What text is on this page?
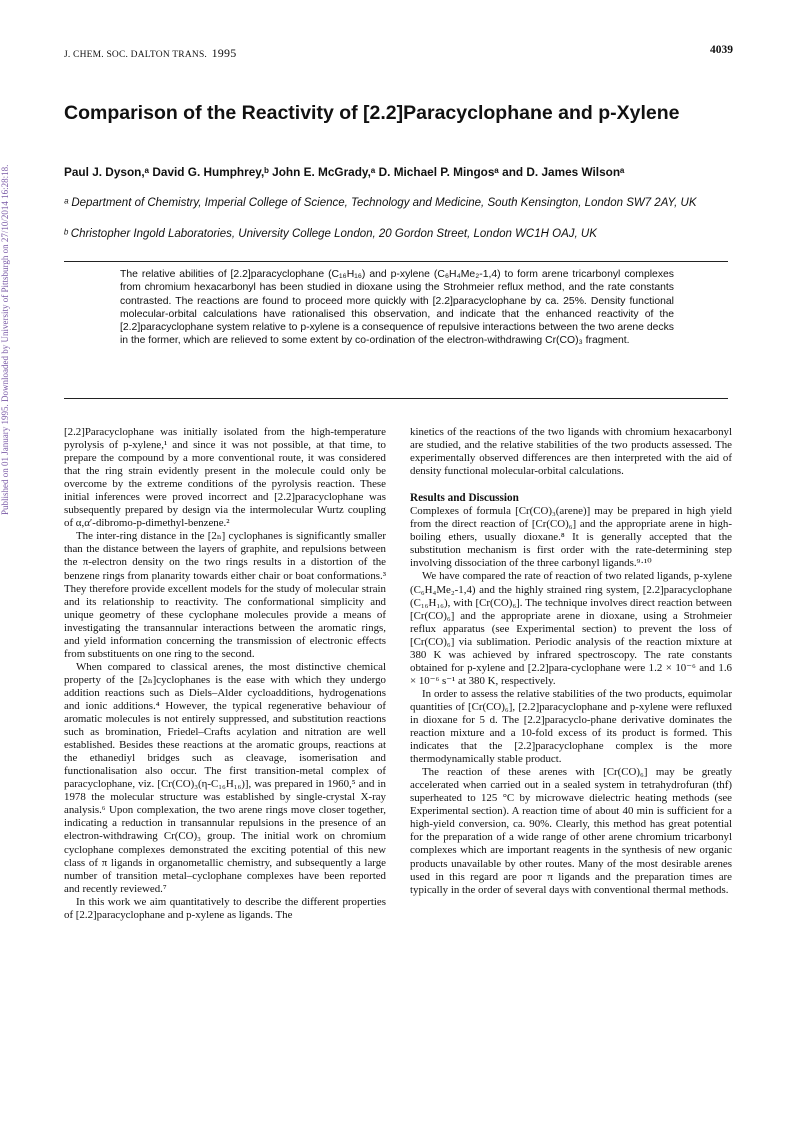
Published on 01 January 1995. Downloaded by University of Pittsburgh on 27/10/2014 16:28:18.
J. CHEM. SOC. DALTON TRANS. 1995	4039
Comparison of the Reactivity of [2.2]Paracyclophane and p-Xylene
Paul J. Dyson,ᵃ David G. Humphrey,ᵇ John E. McGrady,ᵃ D. Michael P. Mingosᵃ and D. James Wilsonᵃ
ᵃ Department of Chemistry, Imperial College of Science, Technology and Medicine, South Kensington, London SW7 2AY, UK
ᵇ Christopher Ingold Laboratories, University College London, 20 Gordon Street, London WC1H OAJ, UK

The relative abilities of [2.2]paracyclophane (C₁₆H₁₆) and p-xylene (C₆H₄Me₂-1,4) to form arene tricarbonyl complexes from chromium hexacarbonyl has been studied in dioxane using the Strohmeier reflux method, and the rate constants contrasted. The reactions are found to proceed more quickly with [2.2]paracyclophane by ca. 25%. Density functional molecular-orbital calculations have rationalised this observation, and indicate that the enhanced reactivity of the [2.2]paracyclophane system relative to p-xylene is a consequence of repulsive interactions between the two arene decks in the former, which are relieved to some extent by co-ordination of the electron-withdrawing Cr(CO)₃ fragment.

[2.2]Paracyclophane was initially isolated from the high-temperature pyrolysis of p-xylene,¹ and since it was not possible, at that time, to prepare the compound by a more conventional route, it was considered that the ring strain evidently present in the molecule could only be overcome by the extreme conditions of the pyrolysis reaction. These initial inferences were proved incorrect and [2.2]paracyclophane was subsequently prepared by design via the intermolecular Wurtz coupling of α,α′-dibromo-p-dimethyl-benzene.²

The inter-ring distance in the [2ₙ] cyclophanes is significantly smaller than the distance between the layers of graphite, and repulsions between the π-electron density on the two rings results in a distortion of the benzene rings from planarity towards either chair or boat conformations.³ They therefore provide excellent models for the study of molecular strain and its relationship to reactivity. The conformational simplicity and unique geometry of these cyclophane molecules provide a means of investigating the transannular interactions between the aromatic rings, and yield information concerning the transmission of electronic effects from substituents on one ring to the second.

When compared to classical arenes, the most distinctive chemical property of the [2ₙ]cyclophanes is the ease with which they undergo addition reactions such as Diels–Alder cycloadditions, hydrogenations and ionic additions.⁴ However, the typical regenerative behaviour of aromatic molecules is not entirely suppressed, and substitution reactions such as bromination, Friedel–Crafts acylation and nitration are well established. Besides these reactions at the aromatic groups, reactions at the ethanediyl bridges such as cleavage, isomerisation and functionalisation also occur. The first transition-metal complex of paracyclophane, viz. [Cr(CO)₃(η-C₁₆H₁₆)], was prepared in 1960,⁵ and in 1978 the molecular structure was established by single-crystal X-ray analysis.⁶ Upon complexation, the two arene rings move closer together, indicating a reduction in transannular repulsions in the presence of an electron-withdrawing Cr(CO)₃ group. The initial work on chromium cyclophane complexes demonstrated the exciting potential of this new class of π ligands in organometallic chemistry, and subsequently a large number of transition metal–cyclophane complexes have been reported and recently reviewed.⁷

In this work we aim quantitatively to describe the different properties of [2.2]paracyclophane and p-xylene as ligands. The

kinetics of the reactions of the two ligands with chromium hexacarbonyl are studied, and the relative stabilities of the two products assessed. The experimentally observed differences are then interpreted with the aid of density functional molecular-orbital calculations.

Results and Discussion

Complexes of formula [Cr(CO)₃(arene)] may be prepared in high yield from the direct reaction of [Cr(CO)₆] and the appropriate arene in high-boiling ethers, usually dioxane.⁸ It is generally accepted that the substitution mechanism is first order with the rate-determining step involving dissociation of the three carbonyl ligands.⁹·¹⁰

We have compared the rate of reaction of two related ligands, p-xylene (C₆H₄Me₂-1,4) and the highly strained ring system, [2.2]paracyclophane (C₁₆H₁₆), with [Cr(CO)₆]. The technique involves direct reaction between [Cr(CO)₆] and the appropriate arene in dioxane, using a Strohmeier reflux apparatus (see Experimental section) to prevent the loss of [Cr(CO)₆] via sublimation. Periodic analysis of the reaction mixture at 380 K was achieved by infrared spectroscopy. The rate constants obtained for p-xylene and [2.2]para-cyclophane were 1.2 × 10⁻⁶ and 1.6 × 10⁻⁶ s⁻¹ at 380 K, respectively.

In order to assess the relative stabilities of the two products, equimolar quantities of [Cr(CO)₆], [2.2]paracyclophane and p-xylene were refluxed in dioxane for 5 d. The [2.2]paracyclo-phane derivative dominates the reaction mixture and a 10-fold excess of its product is formed. This indicates that the [2.2]paracyclophane complex is the more thermodynamically stable product.

The reaction of these arenes with [Cr(CO)₆] may be greatly accelerated when carried out in a sealed system in tetrahydrofuran (thf) superheated to 125 °C by microwave dielectric heating methods (see Experimental section). A reaction time of about 40 min is sufficient for a high-yield conversion, ca. 90%. Clearly, this method has great potential for the preparation of a wide range of other arene chromium tricarbonyl complexes which are important reagents in the synthesis of new organic products unavailable by other routes. Many of the most desirable arenes used in this regard are poor π ligands and the preparation times are typically in the order of several days with conventional thermal methods.
